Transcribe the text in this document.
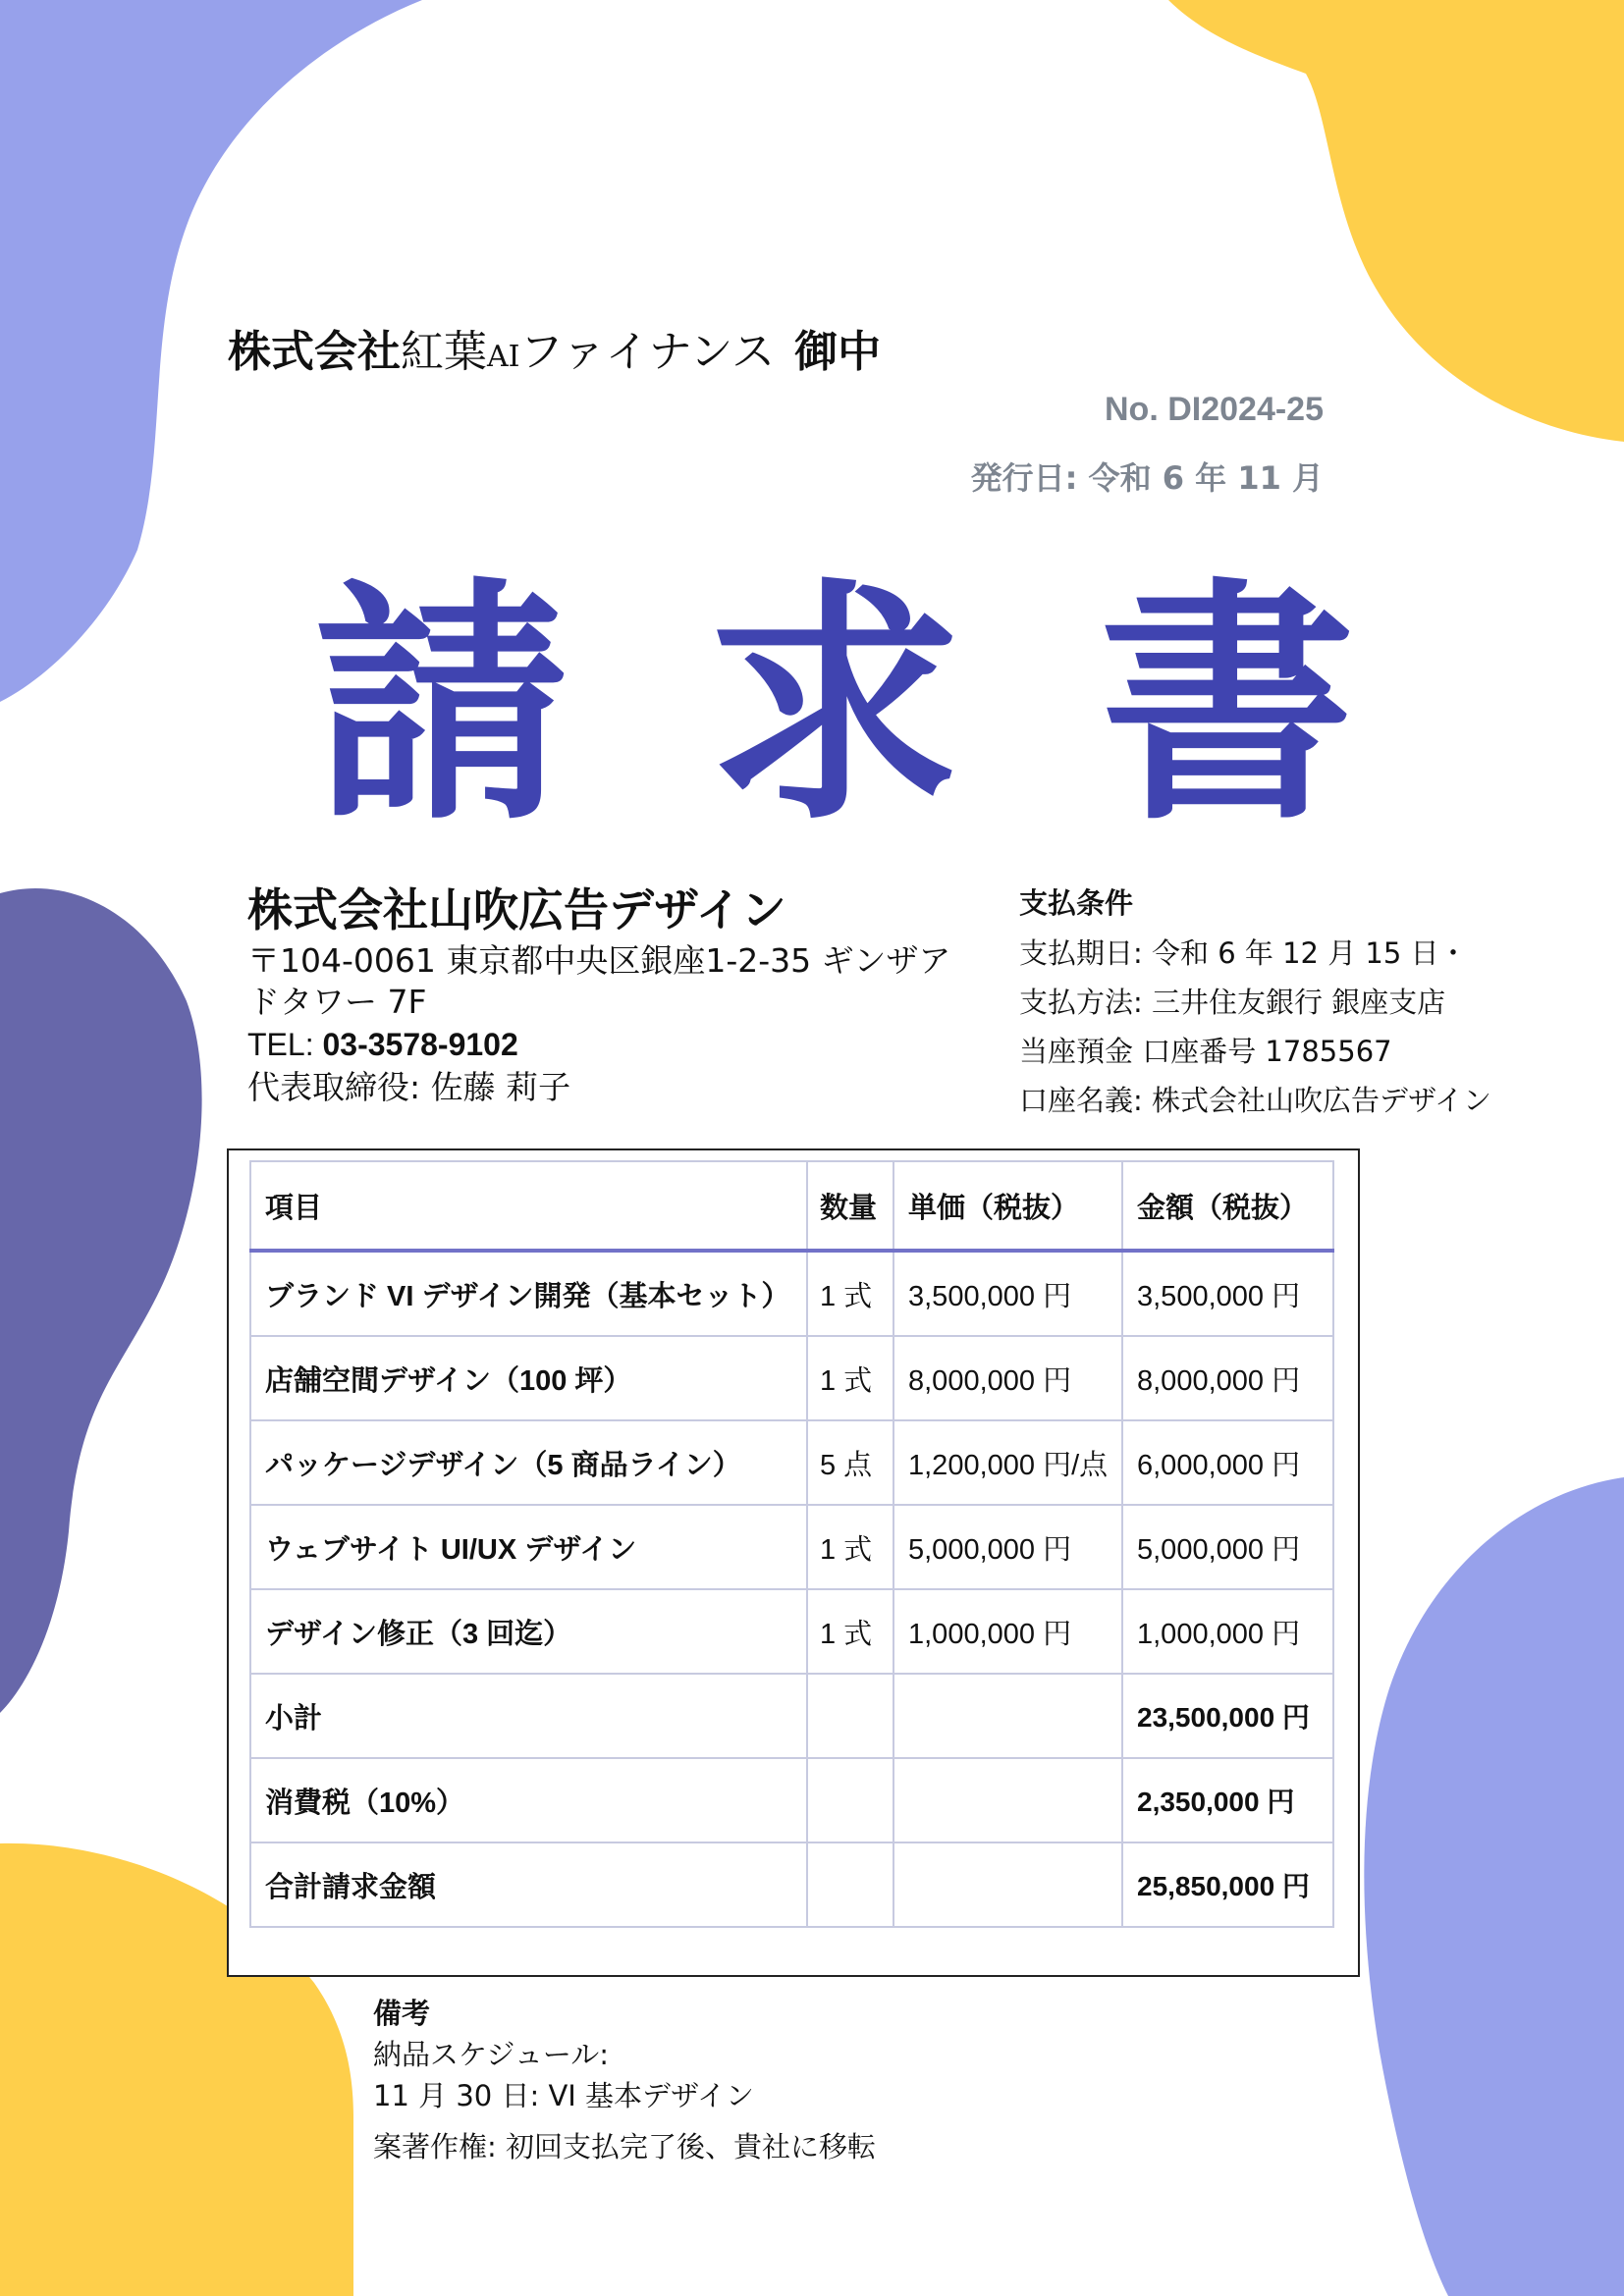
株式会社紅葉AIファイナンス 御中
No. DI2024-25
発行日: 令和 6 年 11 月
請 求 書
株式会社山吹広告デザイン
〒104-0061 東京都中央区銀座1-2-35 ギンザア
ドタワー 7F
TEL: 03-3578-9102
代表取締役: 佐藤 莉子
支払条件
支払期日: 令和 6 年 12 月 15 日・
支払方法: 三井住友銀行 銀座支店
当座預金 口座番号 1785567
口座名義: 株式会社山吹広告デザイン
項目	数量	単価（税抜）	金額（税抜）
ブランド VI デザイン開発（基本セット）	1 式	3,500,000 円	3,500,000 円
店舗空間デザイン（100 坪）	1 式	8,000,000 円	8,000,000 円
パッケージデザイン（5 商品ライン）	5 点	1,200,000 円/点	6,000,000 円
ウェブサイト UI/UX デザイン	1 式	5,000,000 円	5,000,000 円
デザイン修正（3 回迄）	1 式	1,000,000 円	1,000,000 円
小計			23,500,000 円
消費税（10%）			2,350,000 円
合計請求金額			25,850,000 円
備考
納品スケジュール:
11 月 30 日: VI 基本デザイン
案著作権: 初回支払完了後、貴社に移転
